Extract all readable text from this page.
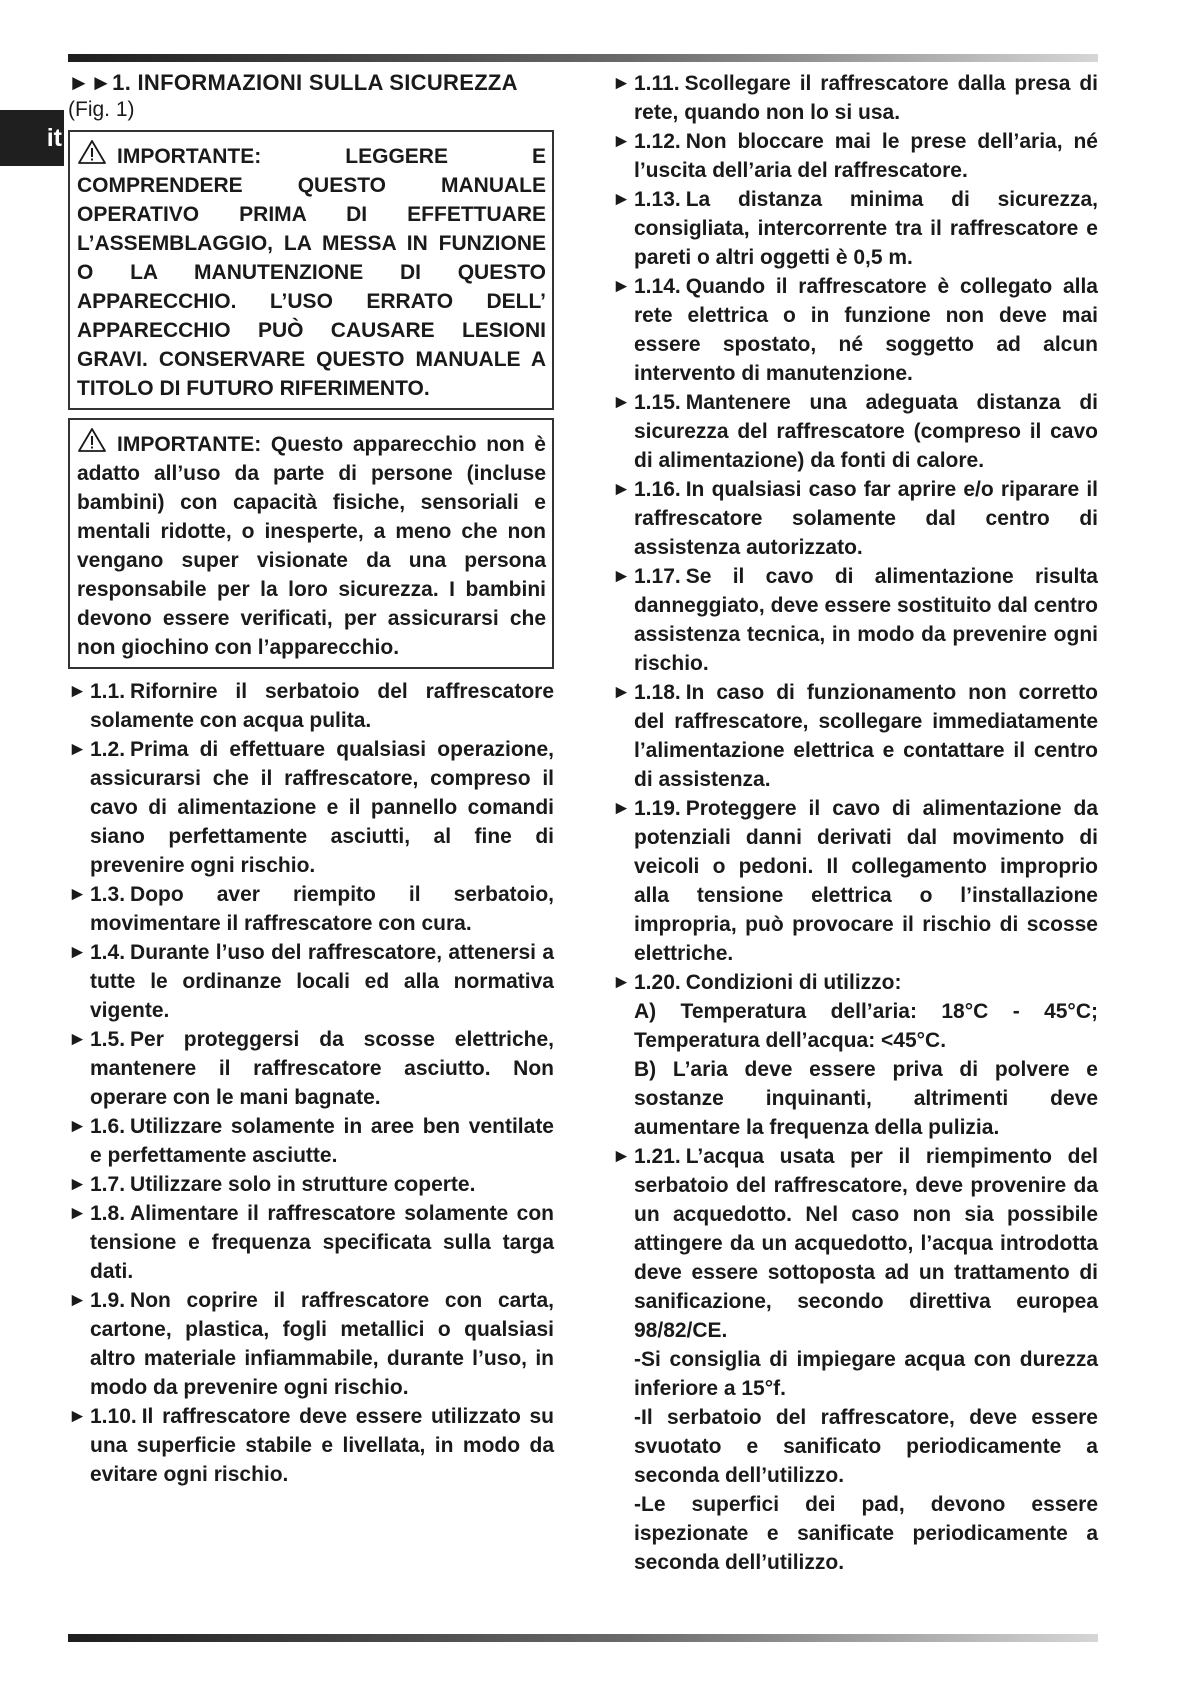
it
►►1. INFORMAZIONI SULLA SICUREZZA
(Fig. 1)
IMPORTANTE: LEGGERE E COMPRENDERE QUESTO MANUALE OPERATIVO PRIMA DI EFFETTUARE L’ASSEMBLAGGIO, LA MESSA IN FUNZIONE O LA MANUTENZIONE DI QUESTO APPARECCHIO. L’USO ERRATO DELL’ APPARECCHIO PUÒ CAUSARE LESIONI GRAVI. CONSERVARE QUESTO MANUALE A TITOLO DI FUTURO RIFERIMENTO.
IMPORTANTE: Questo apparecchio non è adatto all’uso da parte di persone (incluse bambini) con capacità fisiche, sensoriali e mentali ridotte, o inesperte, a meno che non vengano super visionate da una persona responsabile per la loro sicurezza. I bambini devono essere verificati, per assicurarsi che non giochino con l’apparecchio.
► 1.1. Rifornire il serbatoio del raffrescatore solamente con acqua pulita.
► 1.2. Prima di effettuare qualsiasi operazione, assicurarsi che il raffrescatore, compreso il cavo di alimentazione e il pannello comandi siano perfettamente asciutti, al fine di prevenire ogni rischio.
► 1.3. Dopo aver riempito il serbatoio, movimentare il raffrescatore con cura.
► 1.4. Durante l’uso del raffrescatore, attenersi a tutte le ordinanze locali ed alla normativa vigente.
► 1.5. Per proteggersi da scosse elettriche, mantenere il raffrescatore asciutto. Non operare con le mani bagnate.
► 1.6. Utilizzare solamente in aree ben ventilate e perfettamente asciutte.
► 1.7. Utilizzare solo in strutture coperte.
► 1.8. Alimentare il raffrescatore solamente con tensione e frequenza specificata sulla targa dati.
► 1.9. Non coprire il raffrescatore con carta, cartone, plastica, fogli metallici o qualsiasi altro materiale infiammabile, durante l’uso, in modo da prevenire ogni rischio.
► 1.10. Il raffrescatore deve essere utilizzato su una superficie stabile e livellata, in modo da evitare ogni rischio.
► 1.11. Scollegare il raffrescatore dalla presa di rete, quando non lo si usa.
► 1.12. Non bloccare mai le prese dell’aria, né l’uscita dell’aria del raffrescatore.
► 1.13. La distanza minima di sicurezza, consigliata, intercorrente tra il raffrescatore e pareti o altri oggetti è 0,5 m.
► 1.14. Quando il raffrescatore è collegato alla rete elettrica o in funzione non deve mai essere spostato, né soggetto ad alcun intervento di manutenzione.
► 1.15. Mantenere una adeguata distanza di sicurezza del raffrescatore (compreso il cavo di alimentazione) da fonti di calore.
► 1.16. In qualsiasi caso far aprire e/o riparare il raffrescatore solamente dal centro di assistenza autorizzato.
► 1.17. Se il cavo di alimentazione risulta danneggiato, deve essere sostituito dal centro assistenza tecnica, in modo da prevenire ogni rischio.
► 1.18. In caso di funzionamento non corretto del raffrescatore, scollegare immediatamente l’alimentazione elettrica e contattare il centro di assistenza.
► 1.19. Proteggere il cavo di alimentazione da potenziali danni derivati dal movimento di veicoli o pedoni. Il collegamento improprio alla tensione elettrica o l’installazione impropria, può provocare il rischio di scosse elettriche.
► 1.20. Condizioni di utilizzo:
A) Temperatura dell’aria: 18°C - 45°C; Temperatura dell’acqua: <45°C.
B) L’aria deve essere priva di polvere e sostanze inquinanti, altrimenti deve aumentare la frequenza della pulizia.
► 1.21. L’acqua usata per il riempimento del serbatoio del raffrescatore, deve provenire da un acquedotto. Nel caso non sia possibile attingere da un acquedotto, l’acqua introdotta deve essere sottoposta ad un trattamento di sanificazione, secondo direttiva europea 98/82/CE.
-Si consiglia di impiegare acqua con durezza inferiore a 15°f.
-Il serbatoio del raffrescatore, deve essere svuotato e sanificato periodicamente a seconda dell’utilizzo.
-Le superfici dei pad, devono essere ispezionate e sanificate periodicamente a seconda dell’utilizzo.
